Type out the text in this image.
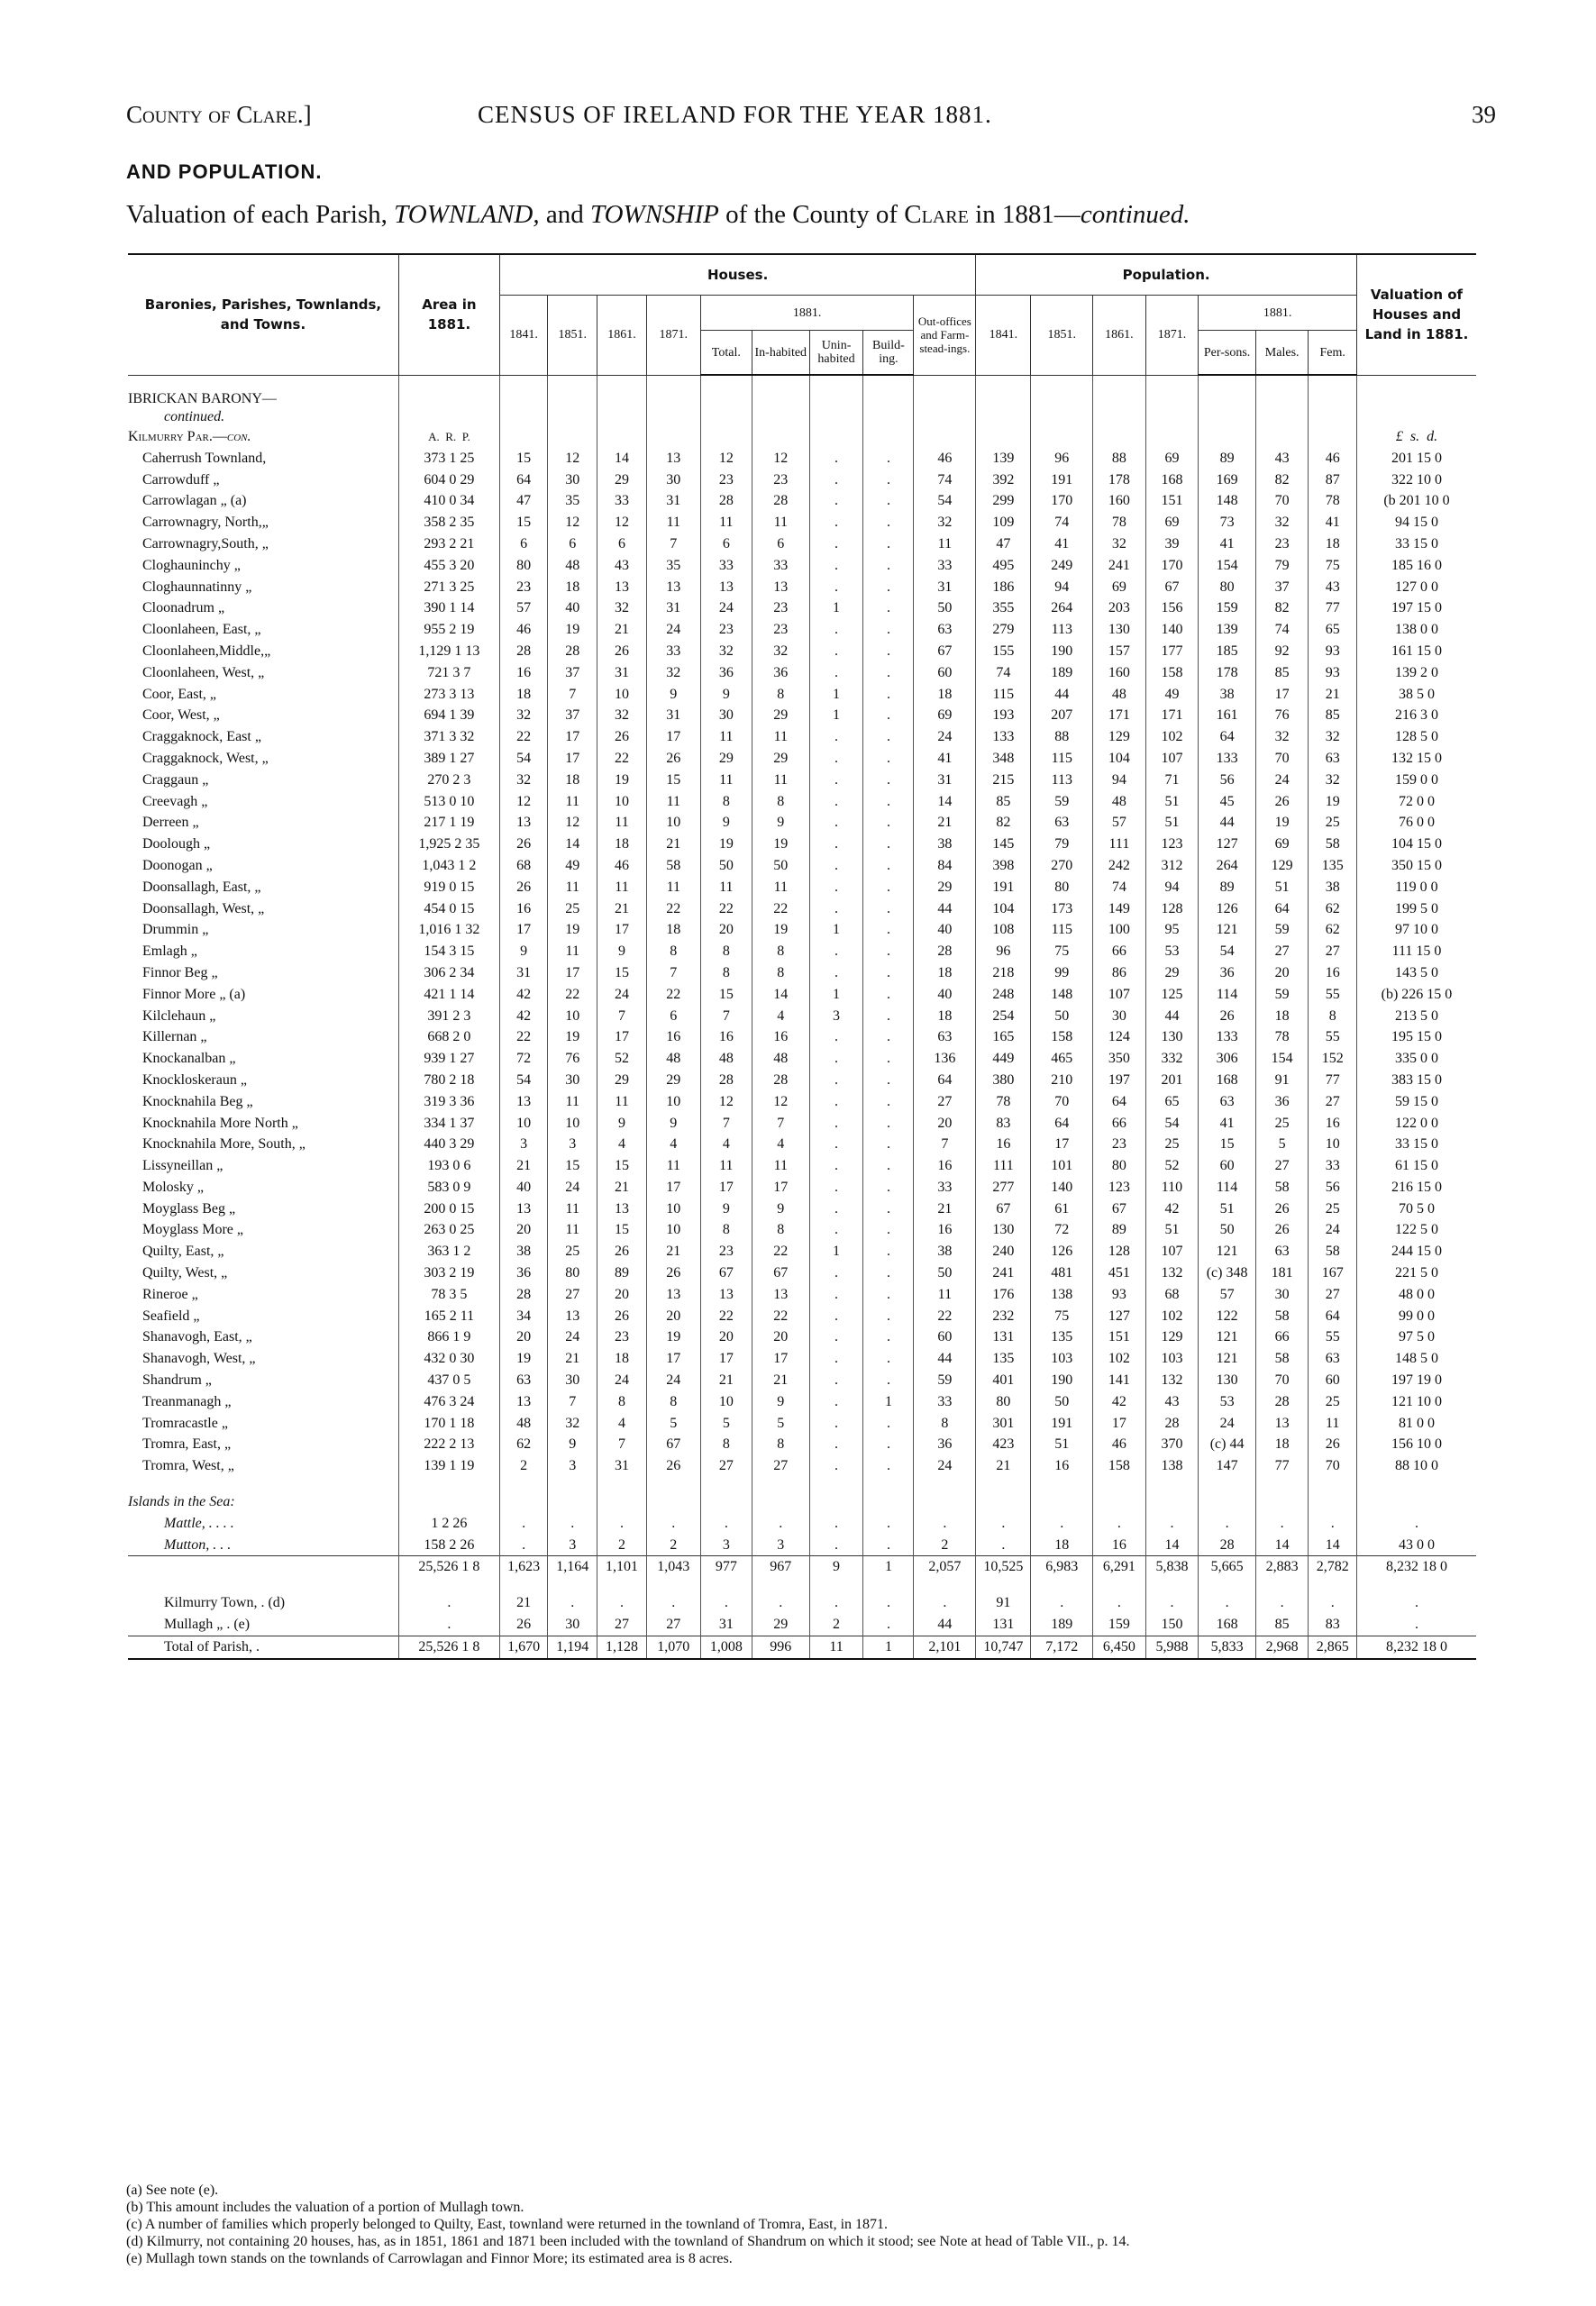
County of Clare.]	CENSUS OF IRELAND FOR THE YEAR 1881.	39
AND POPULATION.
Valuation of each Parish, TOWNLAND, and TOWNSHIP of the County of Clare in 1881—continued.
Baronies, Parishes, Townlands, and Towns.	Area in 1881.	Houses.									Population.							Valuation of Houses and Land in 1881.
		1841.	1851.	1861.	1871.	1881.				Out-offices and Farm-stead-ings.	1841.	1851.	1861.	1871.	1881.			
						Total.	In-habited	Unin-habited	Build-ing.						Per-sons.	Males.	Fem.	

IBRICKAN BARONY—
continued.																		
Kilmurry Par.—con.	A. R. P.																	£ s. d.
Caherrush Townland,	373 1 25	15	12	14	13	12	12	.	.	46	139	96	88	69	89	43	46	201 15 0
Carrowduff „	604 0 29	64	30	29	30	23	23	.	.	74	392	191	178	168	169	82	87	322 10 0
Carrowlagan „ (a)	410 0 34	47	35	33	31	28	28	.	.	54	299	170	160	151	148	70	78	(b 201 10 0
Carrownagry, North,„	358 2 35	15	12	12	11	11	11	.	.	32	109	74	78	69	73	32	41	94 15 0
Carrownagry,South, „	293 2 21	6	6	6	7	6	6	.	.	11	47	41	32	39	41	23	18	33 15 0
Cloghauninchy „	455 3 20	80	48	43	35	33	33	.	.	33	495	249	241	170	154	79	75	185 16 0
Cloghaunnatinny „	271 3 25	23	18	13	13	13	13	.	.	31	186	94	69	67	80	37	43	127 0 0
Cloonadrum „	390 1 14	57	40	32	31	24	23	1	.	50	355	264	203	156	159	82	77	197 15 0
Cloonlaheen, East, „	955 2 19	46	19	21	24	23	23	.	.	63	279	113	130	140	139	74	65	138 0 0
Cloonlaheen,Middle,„	1,129 1 13	28	28	26	33	32	32	.	.	67	155	190	157	177	185	92	93	161 15 0
Cloonlaheen, West, „	721 3 7	16	37	31	32	36	36	.	.	60	74	189	160	158	178	85	93	139 2 0
Coor, East, „	273 3 13	18	7	10	9	9	8	1	.	18	115	44	48	49	38	17	21	38 5 0
Coor, West, „	694 1 39	32	37	32	31	30	29	1	.	69	193	207	171	171	161	76	85	216 3 0
Craggaknock, East „	371 3 32	22	17	26	17	11	11	.	.	24	133	88	129	102	64	32	32	128 5 0
Craggaknock, West, „	389 1 27	54	17	22	26	29	29	.	.	41	348	115	104	107	133	70	63	132 15 0
Craggaun „	270 2 3	32	18	19	15	11	11	.	.	31	215	113	94	71	56	24	32	159 0 0
Creevagh „	513 0 10	12	11	10	11	8	8	.	.	14	85	59	48	51	45	26	19	72 0 0
Derreen „	217 1 19	13	12	11	10	9	9	.	.	21	82	63	57	51	44	19	25	76 0 0
Doolough „	1,925 2 35	26	14	18	21	19	19	.	.	38	145	79	111	123	127	69	58	104 15 0
Doonogan „	1,043 1 2	68	49	46	58	50	50	.	.	84	398	270	242	312	264	129	135	350 15 0
Doonsallagh, East, „	919 0 15	26	11	11	11	11	11	.	.	29	191	80	74	94	89	51	38	119 0 0
Doonsallagh, West, „	454 0 15	16	25	21	22	22	22	.	.	44	104	173	149	128	126	64	62	199 5 0
Drummin „	1,016 1 32	17	19	17	18	20	19	1	.	40	108	115	100	95	121	59	62	97 10 0
Emlagh „	154 3 15	9	11	9	8	8	8	.	.	28	96	75	66	53	54	27	27	111 15 0
Finnor Beg „	306 2 34	31	17	15	7	8	8	.	.	18	218	99	86	29	36	20	16	143 5 0
Finnor More „ (a)	421 1 14	42	22	24	22	15	14	1	.	40	248	148	107	125	114	59	55	(b) 226 15 0
Kilclehaun „	391 2 3	42	10	7	6	7	4	3	.	18	254	50	30	44	26	18	8	213 5 0
Killernan „	668 2 0	22	19	17	16	16	16	.	.	63	165	158	124	130	133	78	55	195 15 0
Knockanalban „	939 1 27	72	76	52	48	48	48	.	.	136	449	465	350	332	306	154	152	335 0 0
Knockloskeraun „	780 2 18	54	30	29	29	28	28	.	.	64	380	210	197	201	168	91	77	383 15 0
Knocknahila Beg „	319 3 36	13	11	11	10	12	12	.	.	27	78	70	64	65	63	36	27	59 15 0
Knocknahila More North „	334 1 37	10	10	9	9	7	7	.	.	20	83	64	66	54	41	25	16	122 0 0
Knocknahila More, South, „	440 3 29	3	3	4	4	4	4	.	.	7	16	17	23	25	15	5	10	33 15 0
Lissyneillan „	193 0 6	21	15	15	11	11	11	.	.	16	111	101	80	52	60	27	33	61 15 0
Molosky „	583 0 9	40	24	21	17	17	17	.	.	33	277	140	123	110	114	58	56	216 15 0
Moyglass Beg „	200 0 15	13	11	13	10	9	9	.	.	21	67	61	67	42	51	26	25	70 5 0
Moyglass More „	263 0 25	20	11	15	10	8	8	.	.	16	130	72	89	51	50	26	24	122 5 0
Quilty, East, „	363 1 2	38	25	26	21	23	22	1	.	38	240	126	128	107	121	63	58	244 15 0
Quilty, West, „	303 2 19	36	80	89	26	67	67	.	.	50	241	481	451	132	(c) 348	181	167	221 5 0
Rineroe „	78 3 5	28	27	20	13	13	13	.	.	11	176	138	93	68	57	30	27	48 0 0
Seafield „	165 2 11	34	13	26	20	22	22	.	.	22	232	75	127	102	122	58	64	99 0 0
Shanavogh, East, „	866 1 9	20	24	23	19	20	20	.	.	60	131	135	151	129	121	66	55	97 5 0
Shanavogh, West, „	432 0 30	19	21	18	17	17	17	.	.	44	135	103	102	103	121	58	63	148 5 0
Shandrum „	437 0 5	63	30	24	24	21	21	.	.	59	401	190	141	132	130	70	60	197 19 0
Treanmanagh „	476 3 24	13	7	8	8	10	9	.	1	33	80	50	42	43	53	28	25	121 10 0
Tromracastle „	170 1 18	48	32	4	5	5	5	.	.	8	301	191	17	28	24	13	11	81 0 0
Tromra, East, „	222 2 13	62	9	7	67	8	8	.	.	36	423	51	46	370	(c) 44	18	26	156 10 0
Tromra, West, „	139 1 19	2	3	31	26	27	27	.	.	24	21	16	158	138	147	77	70	88 10 0

Islands in the Sea:																		
Mattle, . . . .	1 2 26	.	.	.	.	.	.	.	.	.	.	.	.	.	.	.	.	.
Mutton, . . .	158 2 26	.	3	2	2	3	3	.	.	2	.	18	16	14	28	14	14	43 0 0
	25,526 1 8	1,623	1,164	1,101	1,043	977	967	9	1	2,057	10,525	6,983	6,291	5,838	5,665	2,883	2,782	8,232 18 0

Kilmurry Town, . (d)	.	21	.	.	.	.	.	.	.	.	91	.	.	.	.	.	.	.
Mullagh „ . (e)	.	26	30	27	27	31	29	2	.	44	131	189	159	150	168	85	83	.
Total of Parish, .	25,526 1 8	1,670	1,194	1,128	1,070	1,008	996	11	1	2,101	10,747	7,172	6,450	5,988	5,833	2,968	2,865	8,232 18 0

(a) See note (e).

(b) This amount includes the valuation of a portion of Mullagh town.

(c) A number of families which properly belonged to Quilty, East, townland were returned in the townland of Tromra, East, in 1871.

(d) Kilmurry, not containing 20 houses, has, as in 1851, 1861 and 1871 been included with the townland of Shandrum on which it stood; see Note at head of Table VII., p. 14.

(e) Mullagh town stands on the townlands of Carrowlagan and Finnor More; its estimated area is 8 acres.
